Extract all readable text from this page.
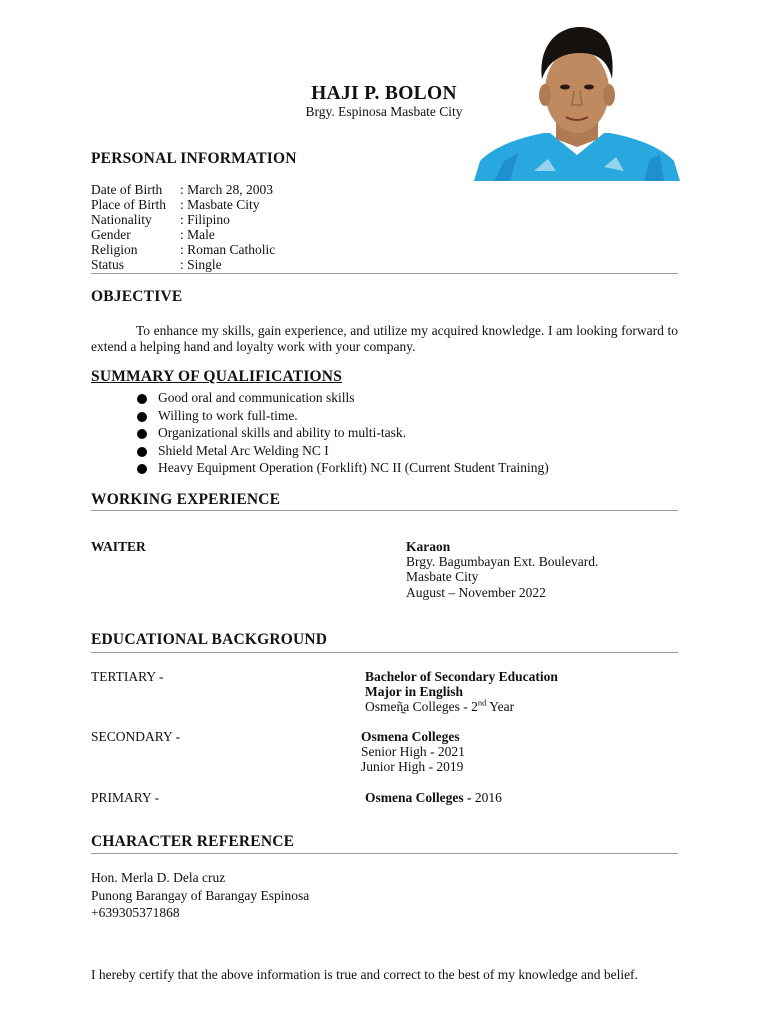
HAJI P. BOLON
Brgy. Espinosa Masbate City
PERSONAL INFORMATION
Date of Birth	: March 28, 2003
Place of Birth	: Masbate City
Nationality	: Filipino
Gender	: Male
Religion	: Roman Catholic
Status	: Single
OBJECTIVE
To enhance my skills, gain experience, and utilize my acquired knowledge. I am looking forward to extend a helping hand and loyalty work with your company.
SUMMARY OF QUALIFICATIONS
Good oral and communication skills
Willing to work full-time.
Organizational skills and ability to multi-task.
Shield Metal Arc Welding NC I
Heavy Equipment Operation (Forklift) NC II (Current Student Training)
WORKING EXPERIENCE
WAITER	Karaon
Brgy. Bagumbayan Ext. Boulevard.
Masbate City
August – November 2022
EDUCATIONAL BACKGROUND
TERTIARY -	Bachelor of Secondary Education
Major in English
Osmeñ̰a Colleges - 2nd Year
SECONDARY -	Osmena Colleges
Senior High - 2021
Junior High - 2019
PRIMARY -	Osmena Colleges - 2016
CHARACTER REFERENCE
Hon. Merla D. Dela cruz
Punong Barangay of Barangay Espinosa
+639305371868
I hereby certify that the above information is true and correct to the best of my knowledge and belief.
